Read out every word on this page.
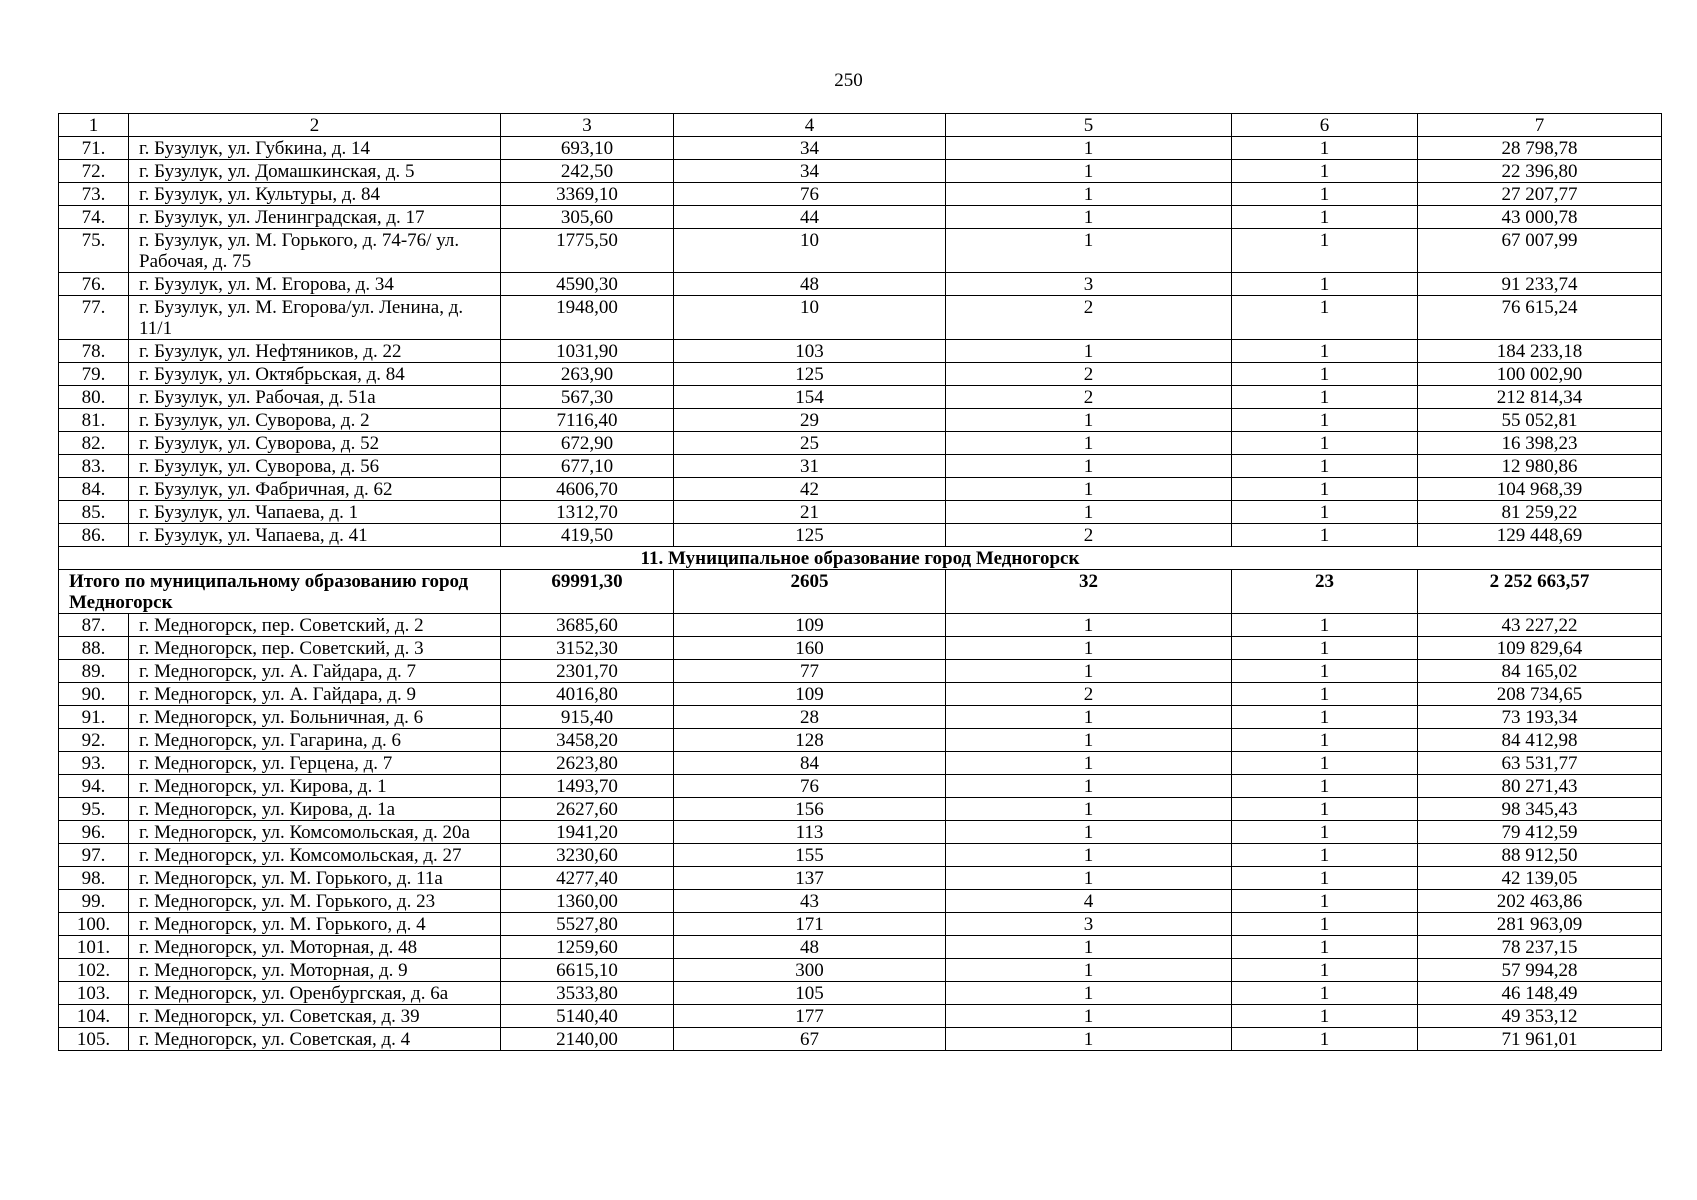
250
1	2	3	4	5	6	7
71.	г. Бузулук, ул. Губкина, д. 14	693,10	34	1	1	28 798,78
72.	г. Бузулук, ул. Домашкинская, д. 5	242,50	34	1	1	22 396,80
73.	г. Бузулук, ул. Культуры, д. 84	3369,10	76	1	1	27 207,77
74.	г. Бузулук, ул. Ленинградская, д. 17	305,60	44	1	1	43 000,78
75.	г. Бузулук, ул. М. Горького, д. 74-76/ ул. Рабочая, д. 75	1775,50	10	1	1	67 007,99
76.	г. Бузулук, ул. М. Егорова, д. 34	4590,30	48	3	1	91 233,74
77.	г. Бузулук, ул. М. Егорова/ул. Ленина, д. 11/1	1948,00	10	2	1	76 615,24
78.	г. Бузулук, ул. Нефтяников, д. 22	1031,90	103	1	1	184 233,18
79.	г. Бузулук, ул. Октябрьская, д. 84	263,90	125	2	1	100 002,90
80.	г. Бузулук, ул. Рабочая, д. 51а	567,30	154	2	1	212 814,34
81.	г. Бузулук, ул. Суворова, д. 2	7116,40	29	1	1	55 052,81
82.	г. Бузулук, ул. Суворова, д. 52	672,90	25	1	1	16 398,23
83.	г. Бузулук, ул. Суворова, д. 56	677,10	31	1	1	12 980,86
84.	г. Бузулук, ул. Фабричная, д. 62	4606,70	42	1	1	104 968,39
85.	г. Бузулук, ул. Чапаева, д. 1	1312,70	21	1	1	81 259,22
86.	г. Бузулук, ул. Чапаева, д. 41	419,50	125	2	1	129 448,69
11. Муниципальное образование город Медногорск						
Итого по муниципальному образованию город Медногорск		69991,30	2605	32	23	2 252 663,57
87.	г. Медногорск, пер. Советский, д. 2	3685,60	109	1	1	43 227,22
88.	г. Медногорск, пер. Советский, д. 3	3152,30	160	1	1	109 829,64
89.	г. Медногорск, ул. А. Гайдара, д. 7	2301,70	77	1	1	84 165,02
90.	г. Медногорск, ул. А. Гайдара, д. 9	4016,80	109	2	1	208 734,65
91.	г. Медногорск, ул. Больничная, д. 6	915,40	28	1	1	73 193,34
92.	г. Медногорск, ул. Гагарина, д. 6	3458,20	128	1	1	84 412,98
93.	г. Медногорск, ул. Герцена, д. 7	2623,80	84	1	1	63 531,77
94.	г. Медногорск, ул. Кирова, д. 1	1493,70	76	1	1	80 271,43
95.	г. Медногорск, ул. Кирова, д. 1а	2627,60	156	1	1	98 345,43
96.	г. Медногорск, ул. Комсомольская, д. 20а	1941,20	113	1	1	79 412,59
97.	г. Медногорск, ул. Комсомольская, д. 27	3230,60	155	1	1	88 912,50
98.	г. Медногорск, ул. М. Горького, д. 11а	4277,40	137	1	1	42 139,05
99.	г. Медногорск, ул. М. Горького, д. 23	1360,00	43	4	1	202 463,86
100.	г. Медногорск, ул. М. Горького, д. 4	5527,80	171	3	1	281 963,09
101.	г. Медногорск, ул. Моторная, д. 48	1259,60	48	1	1	78 237,15
102.	г. Медногорск, ул. Моторная, д. 9	6615,10	300	1	1	57 994,28
103.	г. Медногорск, ул. Оренбургская, д. 6а	3533,80	105	1	1	46 148,49
104.	г. Медногорск, ул. Советская, д. 39	5140,40	177	1	1	49 353,12
105.	г. Медногорск, ул. Советская, д. 4	2140,00	67	1	1	71 961,01
